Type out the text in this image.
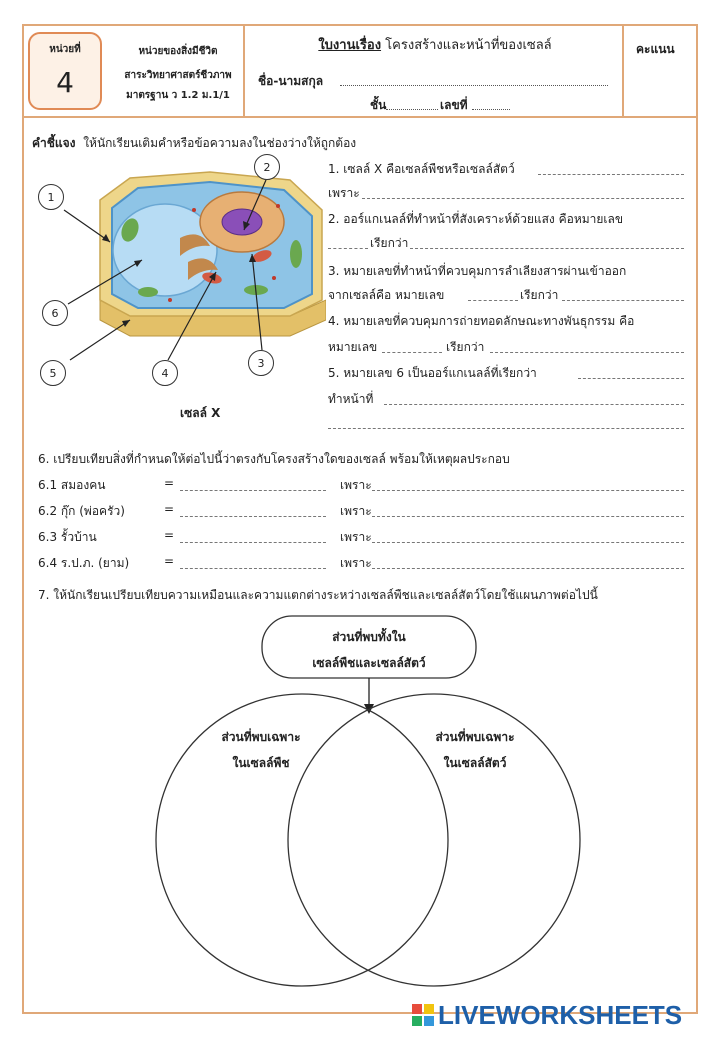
หน่วยที่
4
หน่วยของสิ่งมีชีวิต
สาระวิทยาศาสตร์ชีวภาพ
มาตรฐาน ว 1.2 ม.1/1
ใบงานเรื่อง โครงสร้างและหน้าที่ของเซลล์
ชื่อ-นามสกุล
ชั้น	เลขที่
คะแนน
คำชี้แจง ให้นักเรียนเติมคำหรือข้อความลงในช่องว่างให้ถูกต้อง
1
2
3
4
5
6
เซลล์ X
1. เซลล์ X คือเซลล์พืชหรือเซลล์สัตว์
เพราะ
2. ออร์แกเนลล์ที่ทำหน้าที่สังเคราะห์ด้วยแสง คือหมายเลข
เรียกว่า
3. หมายเลขที่ทำหน้าที่ควบคุมการลำเลียงสารผ่านเข้าออก
จากเซลล์คือ หมายเลข	เรียกว่า
4. หมายเลขที่ควบคุมการถ่ายทอดลักษณะทางพันธุกรรม คือ
หมายเลข	เรียกว่า
5. หมายเลข 6 เป็นออร์แกเนลล์ที่เรียกว่า
ทำหน้าที่
6. เปรียบเทียบสิ่งที่กำหนดให้ต่อไปนี้ว่าตรงกับโครงสร้างใดของเซลล์ พร้อมให้เหตุผลประกอบ
6.1 สมองคน	=	เพราะ
6.2 กุ๊ก (พ่อครัว)	=	เพราะ
6.3 รั้วบ้าน	=	เพราะ
6.4 ร.ป.ภ. (ยาม)	=	เพราะ
7. ให้นักเรียนเปรียบเทียบความเหมือนและความแตกต่างระหว่างเซลล์พืชและเซลล์สัตว์โดยใช้แผนภาพต่อไปนี้
ส่วนที่พบทั้งใน
เซลล์พืชและเซลล์สัตว์
ส่วนที่พบเฉพาะ
ในเซลล์พืช
ส่วนที่พบเฉพาะ
ในเซลล์สัตว์
LIVEWORKSHEETS
